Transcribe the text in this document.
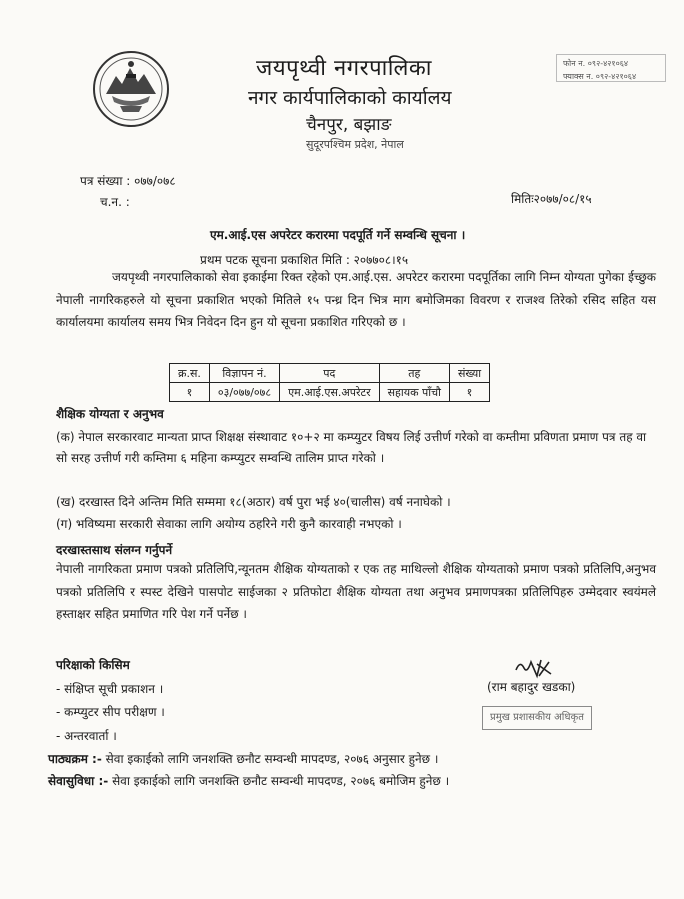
जयपृथ्वी नगरपालिका
नगर कार्यपालिकाको कार्यालय
चैनपुर, बझाङ
सुदूरपश्चिम प्रदेश, नेपाल
फोन न. ०९२-४२१०६४
फ्याक्स न. ०९२-४२१०६४
पत्र संख्या : ०७७/०७८
च.न. :	मितिः२०७७/०८/१५
एम.आई.एस अपरेटर करारमा पदपूर्ति गर्ने सम्वन्धि सूचना ।
प्रथम पटक सूचना प्रकाशित मिति : २०७७०८।१५
जयपृथ्वी नगरपालिकाको सेवा इकाईमा रिक्त रहेको एम.आई.एस. अपरेटर करारमा पदपूर्तिका लागि निम्न योग्यता पुगेका ईच्छुक नेपाली नागरिकहरुले यो सूचना प्रकाशित भएको मितिले १५ पन्ध्र दिन भित्र माग बमोजिमका विवरण र राजश्व तिरेको रसिद सहित यस कार्यालयमा कार्यालय समय भित्र निवेदन दिन हुन यो सूचना प्रकाशित गरिएको छ ।
क्र.स.	विज्ञापन नं.	पद	तह	संख्या
१	०३/०७७/०७८	एम.आई.एस.अपरेटर	सहायक पाँचौ	१
शैक्षिक योग्यता र अनुभव
(क) नेपाल सरकारवाट मान्यता प्राप्त शिक्षक्ष संस्थावाट १०+२ मा कम्प्युटर विषय लिई उत्तीर्ण गरेको वा कम्तीमा प्रविणता प्रमाण पत्र तह वा सो सरह उत्तीर्ण गरी कम्तिमा ६ महिना कम्प्युटर सम्वन्धि तालिम प्राप्त गरेको ।
(ख) दरखास्त दिने अन्तिम मिति सम्ममा १८(अठार) वर्ष पुरा भई ४०(चालीस) वर्ष ननाघेको ।
(ग) भविष्यमा सरकारी सेवाका लागि अयोग्य ठहरिने गरी कुनै कारवाही नभएको ।
दरखास्तसाथ संलग्न गर्नुपर्ने
नेपाली नागरिकता प्रमाण पत्रको प्रतिलिपि,न्यूनतम शैक्षिक योग्यताको र एक तह माथिल्लो शैक्षिक योग्यताको प्रमाण पत्रको प्रतिलिपि,अनुभव पत्रको प्रतिलिपि र स्पस्ट देखिने पासपोट साईजका २ प्रतिफोटा शैक्षिक योग्यता तथा अनुभव प्रमाणपत्रका प्रतिलिपिहरु उम्मेदवार स्वयंमले हस्ताक्षर सहित प्रमाणित गरि पेश गर्ने पर्नेछ ।
परिक्षाको किसिम
- संक्षिप्त सूची प्रकाशन ।
- कम्प्युटर सीप परीक्षण ।
- अन्तरवार्ता ।
(राम बहादुर खडका)
प्रमुख प्रशासकीय अधिकृत
पाठ्यक्रम :- सेवा इकाईको लागि जनशक्ति छनौट सम्वन्धी मापदण्ड, २०७६ अनुसार हुनेछ ।
सेवासुविधा :- सेवा इकाईको लागि जनशक्ति छनौट सम्वन्धी मापदण्ड, २०७६ बमोजिम हुनेछ ।
